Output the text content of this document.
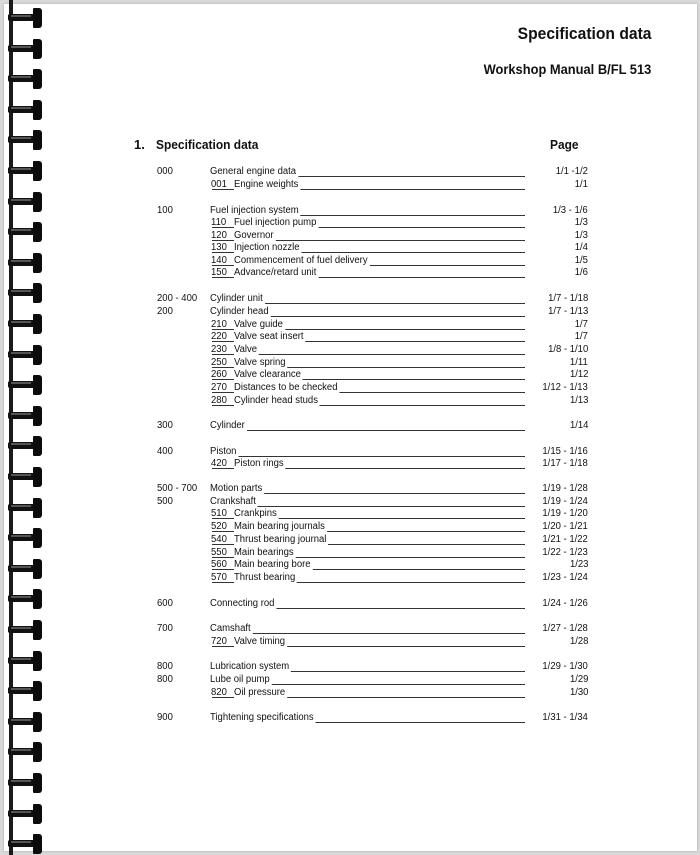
Specification data
Workshop Manual B/FL 513
1. Specification data	Page
000	General engine data	1/1 -1/2
001 Engine weights	1/1
100	Fuel injection system	1/3 - 1/6
110 Fuel injection pump	1/3
120 Governor	1/3
130 Injection nozzle	1/4
140 Commencement of fuel delivery	1/5
150 Advance/retard unit	1/6
200 - 400 Cylinder unit	1/7 - 1/18
200	Cylinder head	1/7 - 1/13
210 Valve guide	1/7
220 Valve seat insert	1/7
230 Valve	1/8 - 1/10
250 Valve spring	1/11
260 Valve clearance	1/12
270 Distances to be checked	1/12 - 1/13
280 Cylinder head studs	1/13
300	Cylinder	1/14
400	Piston	1/15 - 1/16
420 Piston rings	1/17 - 1/18
500 - 700 Motion parts	1/19 - 1/28
500	Crankshaft	1/19 - 1/24
510 Crankpins	1/19 - 1/20
520 Main bearing journals	1/20 - 1/21
540 Thrust bearing journal	1/21 - 1/22
550 Main bearings	1/22 - 1/23
560 Main bearing bore	1/23
570 Thrust bearing	1/23 - 1/24
600	Connecting rod	1/24 - 1/26
700	Camshaft	1/27 - 1/28
720 Valve timing	1/28
800	Lubrication system	1/29 - 1/30
800	Lube oil pump	1/29
820 Oil pressure	1/30
900	Tightening specifications	1/31 - 1/34
